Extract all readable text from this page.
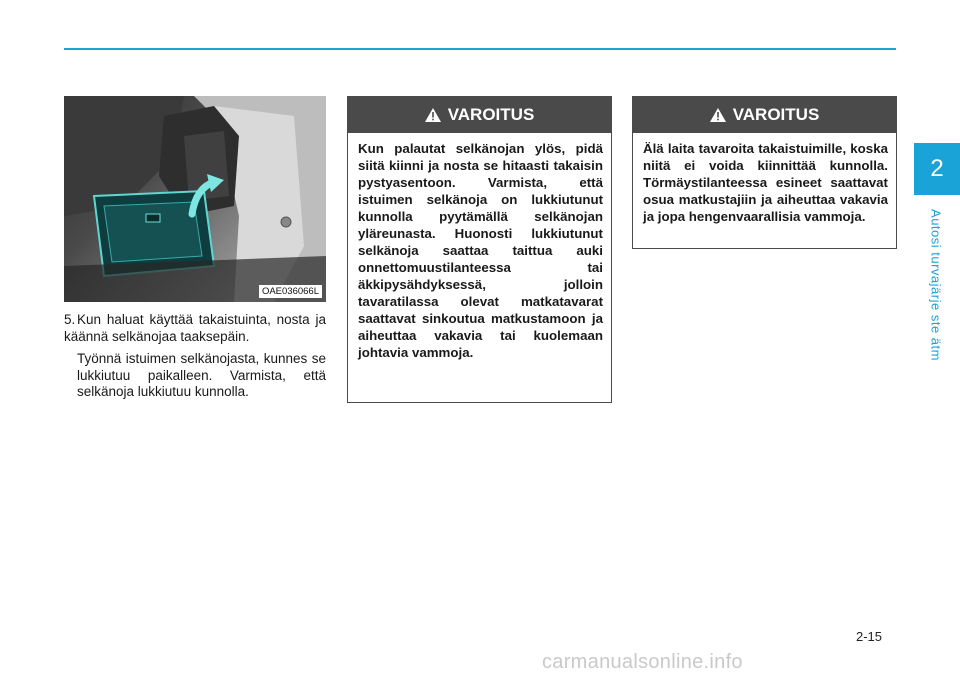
2
Autosi turvajärje ste ätm
OAE036066L

5. Kun haluat käyttää takaistuinta, nosta ja käännä selkänojaa taaksepäin.

Työnnä istuimen selkänojasta, kunnes se lukkiutuu paikalleen. Varmista, että selkänoja lukkiutuu kunnolla.

VAROITUS
Kun palautat selkänojan ylös, pidä siitä kiinni ja nosta se hitaasti takaisin pystyasentoon. Varmista, että istuimen selkänoja on lukkiutunut kunnolla pyytämällä selkänojan yläreunasta. Huonosti lukkiutunut selkänoja saattaa taittua auki onnettomuustilanteessa tai äkkipysähdyksessä, jolloin tavaratilassa olevat matkatavarat saattavat sinkoutua matkustamoon ja aiheuttaa vakavia tai kuolemaan johtavia vammoja.
VAROITUS
Älä laita tavaroita takaistuimille, koska niitä ei voida kiinnittää kunnolla. Törmäystilanteessa esineet saattavat osua matkustajiin ja aiheuttaa vakavia ja jopa hengenvaarallisia vammoja.
2-15
carmanualsonline.info
